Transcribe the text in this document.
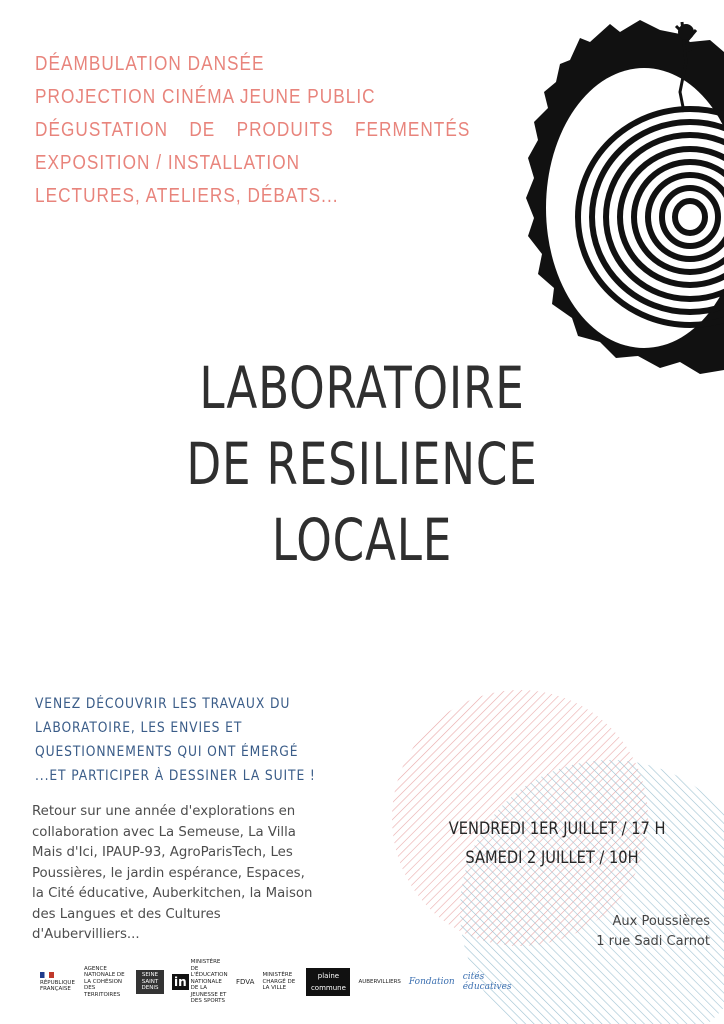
DÉAMBULATION DANSÉE
PROJECTION CINÉMA JEUNE PUBLIC
DÉGUSTATION DE PRODUITS FERMENTÉS
EXPOSITION / INSTALLATION
LECTURES, ATELIERS, DÉBATS...
LABORATOIRE
DE RESILIENCE
LOCALE
VENEZ DÉCOUVRIR LES TRAVAUX DU
LABORATOIRE, LES ENVIES ET
QUESTIONNEMENTS QUI ONT ÉMERGÉ
...ET PARTICIPER À DESSINER LA SUITE !
Retour sur une année d'explorations en
collaboration avec La Semeuse, La Villa
Mais d'Ici, IPAUP-93, AgroParisTech, Les
Poussières, le jardin espérance, Espaces,
la Cité éducative, Auberkitchen, la Maison
des Langues et des Cultures
d'Aubervilliers...
VENDREDI 1ER JUILLET / 17 H
SAMEDI 2 JUILLET / 10H
Aux Poussières
1 rue Sadi Carnot
RÉPUBLIQUE FRANÇAISE
AGENCE NATIONALE DE LA COHÉSION DES TERRITOIRES
SEINE SAINT DENIS	in
MINISTÈRE DE L'ÉDUCATION NATIONALE DE LA JEUNESSE ET DES SPORTS
FDVA
MINISTÈRE CHARGÉ DE LA VILLE
plaine commune
AUBERVILLIERS Fondation cités éducatives
